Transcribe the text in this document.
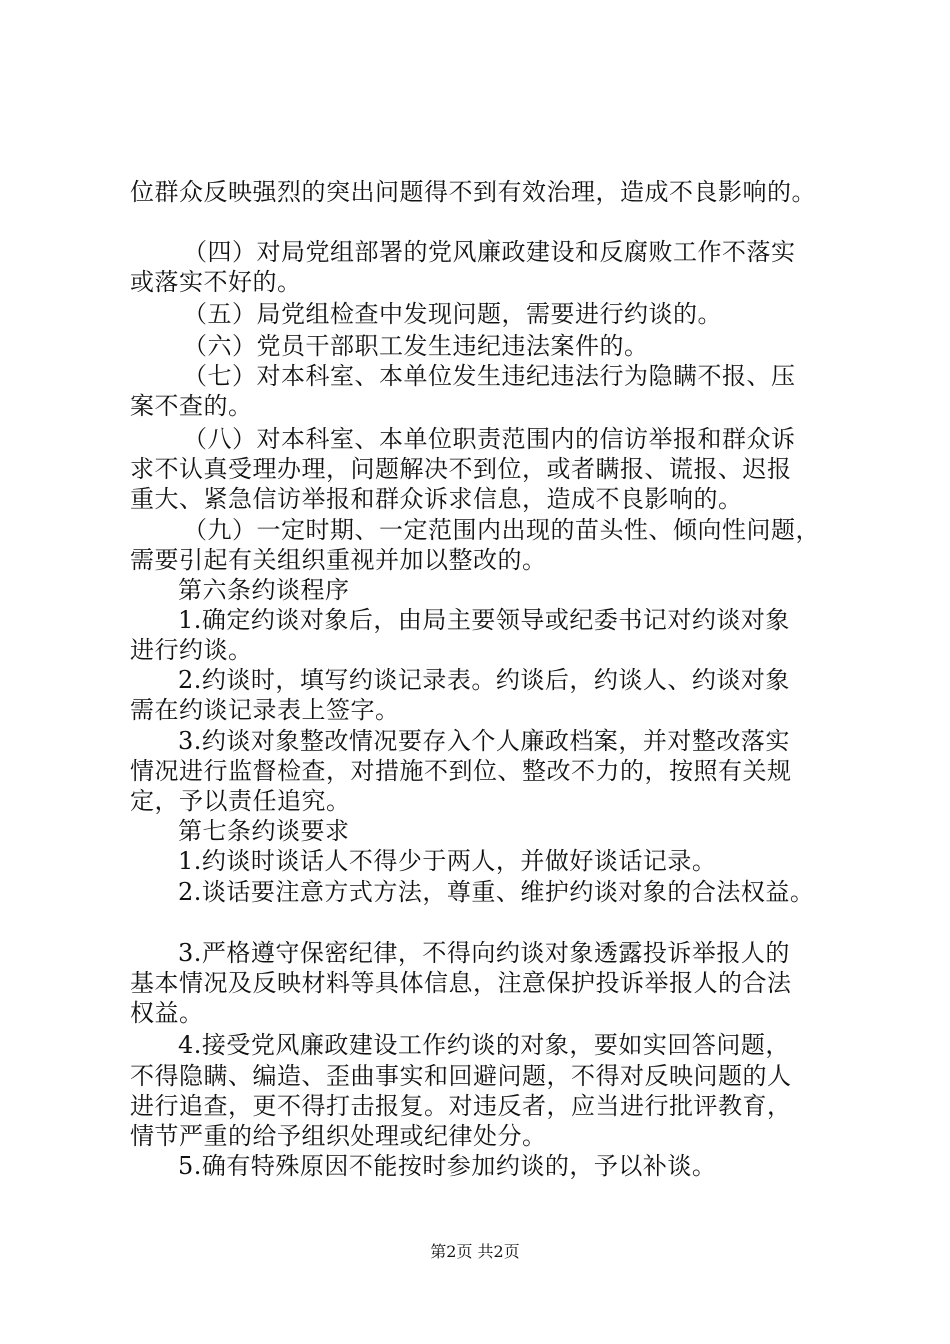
位群众反映强烈的突出问题得不到有效治理，造成不良影响的。
（四）对局党组部署的党风廉政建设和反腐败工作不落实
或落实不好的。
（五）局党组检查中发现问题，需要进行约谈的。
（六）党员干部职工发生违纪违法案件的。
（七）对本科室、本单位发生违纪违法行为隐瞒不报、压
案不查的。
（八）对本科室、本单位职责范围内的信访举报和群众诉
求不认真受理办理，问题解决不到位，或者瞒报、谎报、迟报
重大、紧急信访举报和群众诉求信息，造成不良影响的。
（九）一定时期、一定范围内出现的苗头性、倾向性问题，
需要引起有关组织重视并加以整改的。
第六条约谈程序
1.确定约谈对象后，由局主要领导或纪委书记对约谈对象
进行约谈。
2.约谈时，填写约谈记录表。约谈后，约谈人、约谈对象
需在约谈记录表上签字。
3.约谈对象整改情况要存入个人廉政档案，并对整改落实
情况进行监督检查，对措施不到位、整改不力的，按照有关规
定，予以责任追究。
第七条约谈要求
1.约谈时谈话人不得少于两人，并做好谈话记录。
2.谈话要注意方式方法，尊重、维护约谈对象的合法权益。
3.严格遵守保密纪律，不得向约谈对象透露投诉举报人的
基本情况及反映材料等具体信息，注意保护投诉举报人的合法
权益。
4.接受党风廉政建设工作约谈的对象，要如实回答问题，
不得隐瞒、编造、歪曲事实和回避问题，不得对反映问题的人
进行追查，更不得打击报复。对违反者，应当进行批评教育，
情节严重的给予组织处理或纪律处分。
5.确有特殊原因不能按时参加约谈的，予以补谈。
第2页 共2页
